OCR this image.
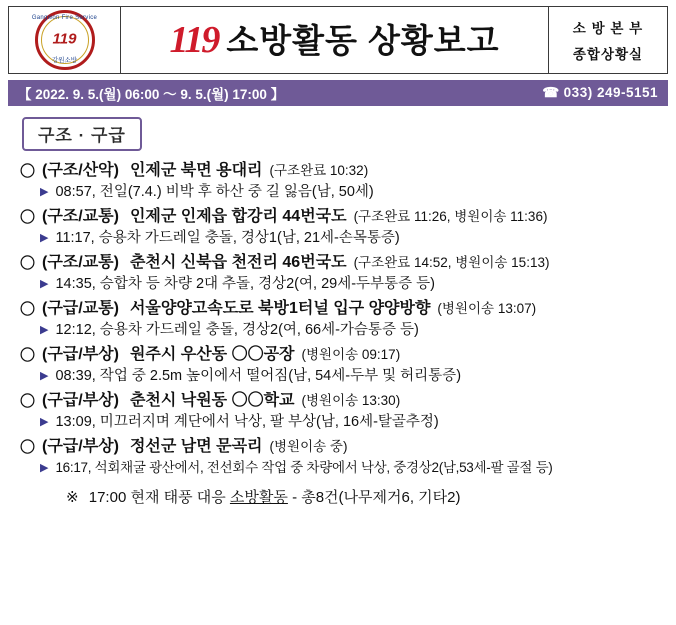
Gangwon Fire Service
119
강원소방 119 소방활동 상황보고	소 방 본 부
종합상황실
【 2022. 9. 5.(월) 06:00 ～ 9. 5.(월) 17:00 】	☎ 033) 249-5151
구조 · 구급
〇 (구조/산악) 인제군 북면 용대리 (구조완료 10:32)
▶ 08:57, 전일(7.4.) 비박 후 하산 중 길 잃음(남, 50세)
〇 (구조/교통) 인제군 인제읍 합강리 44번국도 (구조완료 11:26, 병원이송 11:36)
▶ 11:17, 승용차 가드레일 충돌, 경상1(남, 21세-손목통증)
〇 (구조/교통) 춘천시 신북읍 천전리 46번국도 (구조완료 14:52, 병원이송 15:13)
▶ 14:35, 승합차 등 차량 2대 추돌, 경상2(여, 29세-두부통증 등)
〇 (구급/교통) 서울양양고속도로 북방1터널 입구 양양방향 (병원이송 13:07)
▶ 12:12, 승용차 가드레일 충돌, 경상2(여, 66세-가슴통증 등)
〇 (구급/부상) 원주시 우산동 〇〇공장 (병원이송 09:17)
▶ 08:39, 작업 중 2.5m 높이에서 떨어짐(남, 54세-두부 및 허리통증)
〇 (구급/부상) 춘천시 낙원동 〇〇학교 (병원이송 13:30)
▶ 13:09, 미끄러지며 계단에서 낙상, 팔 부상(남, 16세-탈골추정)
〇 (구급/부상) 정선군 남면 문곡리 (병원이송 중)
▶ 16:17, 석회채굴 광산에서, 전선회수 작업 중 차량에서 낙상, 중경상2(남,53세-팔 골절 등)
※ 17:00 현재 태풍 대응 소방활동 - 총8건(나무제거6, 기타2)
